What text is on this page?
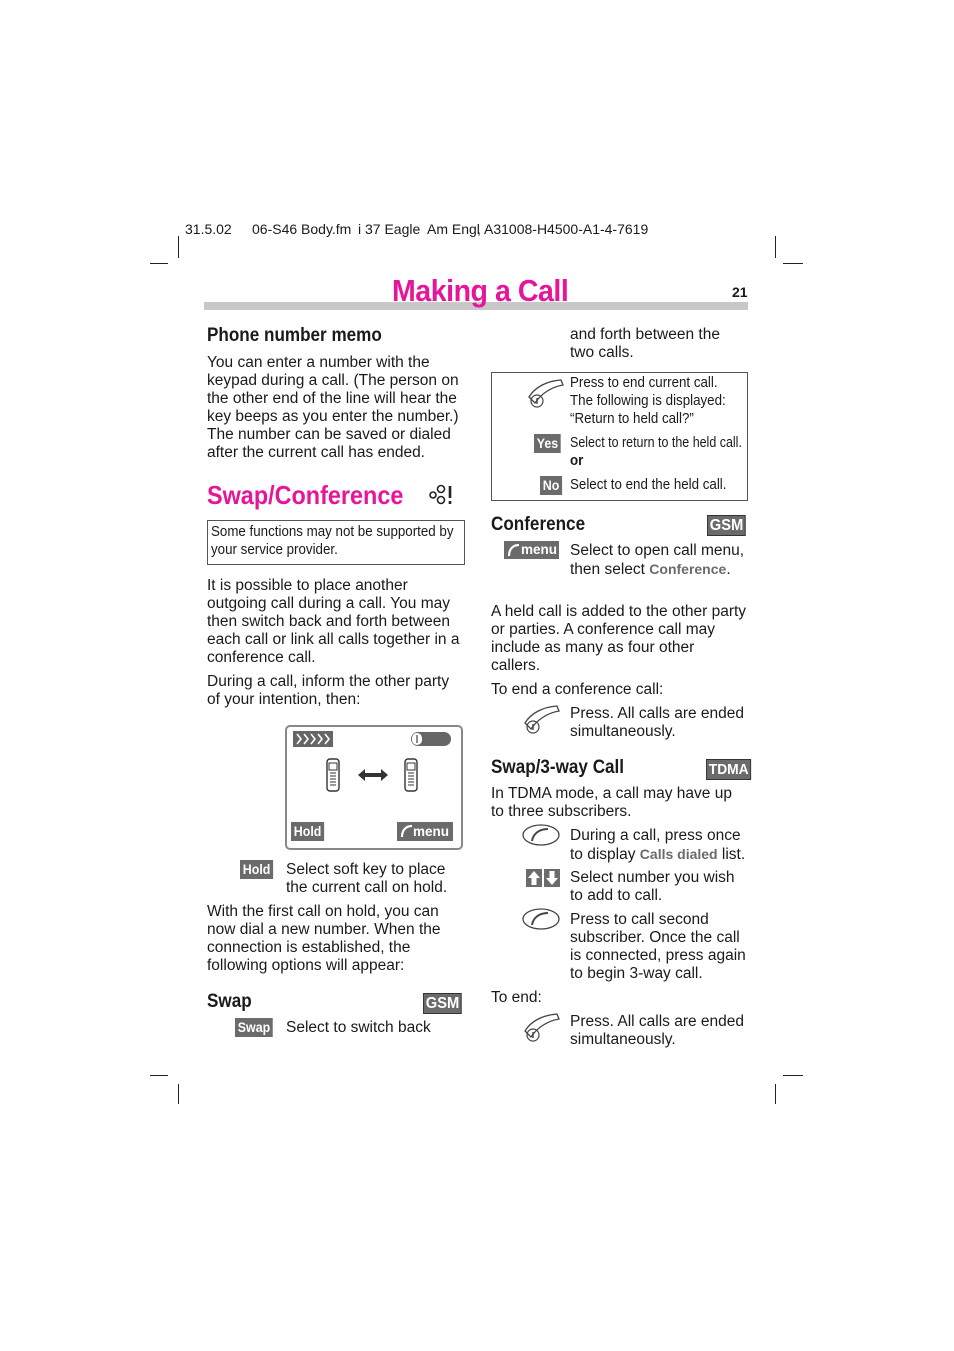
31.5.02 06-S46 Body.fm i 37 Eagle Am Engl
, A31008-H4500-A1-4-7619
Making a Call	21
Phone number memo
You can enter a number with the keypad during a call. (The person on the other end of the line will hear the key beeps as you enter the number.) The number can be saved or dialed after the current call has ended.
Swap/Conference
Some functions may not be supported by your service provider.
It is possible to place another outgoing call during a call. You may then switch back and forth between each call or link all calls together in a conference call.
During a call, inform the other party of your intention, then:
Hold	menu
Hold Select soft key to place the current call on hold.
With the first call on hold, you can now dial a new number. When the connection is established, the following options will appear:
Swap	GSM
Swap Select to switch back
and forth between the two calls.
Press to end current call.
The following is displayed:
“Return to held call?”
Yes Select to return to the held call.
or
No Select to end the held call.
Conference	GSM
menu Select to open call menu, then select Conference.
A held call is added to the other party or parties. A conference call may include as many as four other callers.
To end a conference call:
Press. All calls are ended simultaneously.
Swap/3-way Call	TDMA
In TDMA mode, a call may have up to three subscribers.
During a call, press once to display Calls dialed list.
Select number you wish to add to call.
Press to call second subscriber. Once the call is connected, press again to begin 3-way call.
To end:
Press. All calls are ended simultaneously.
